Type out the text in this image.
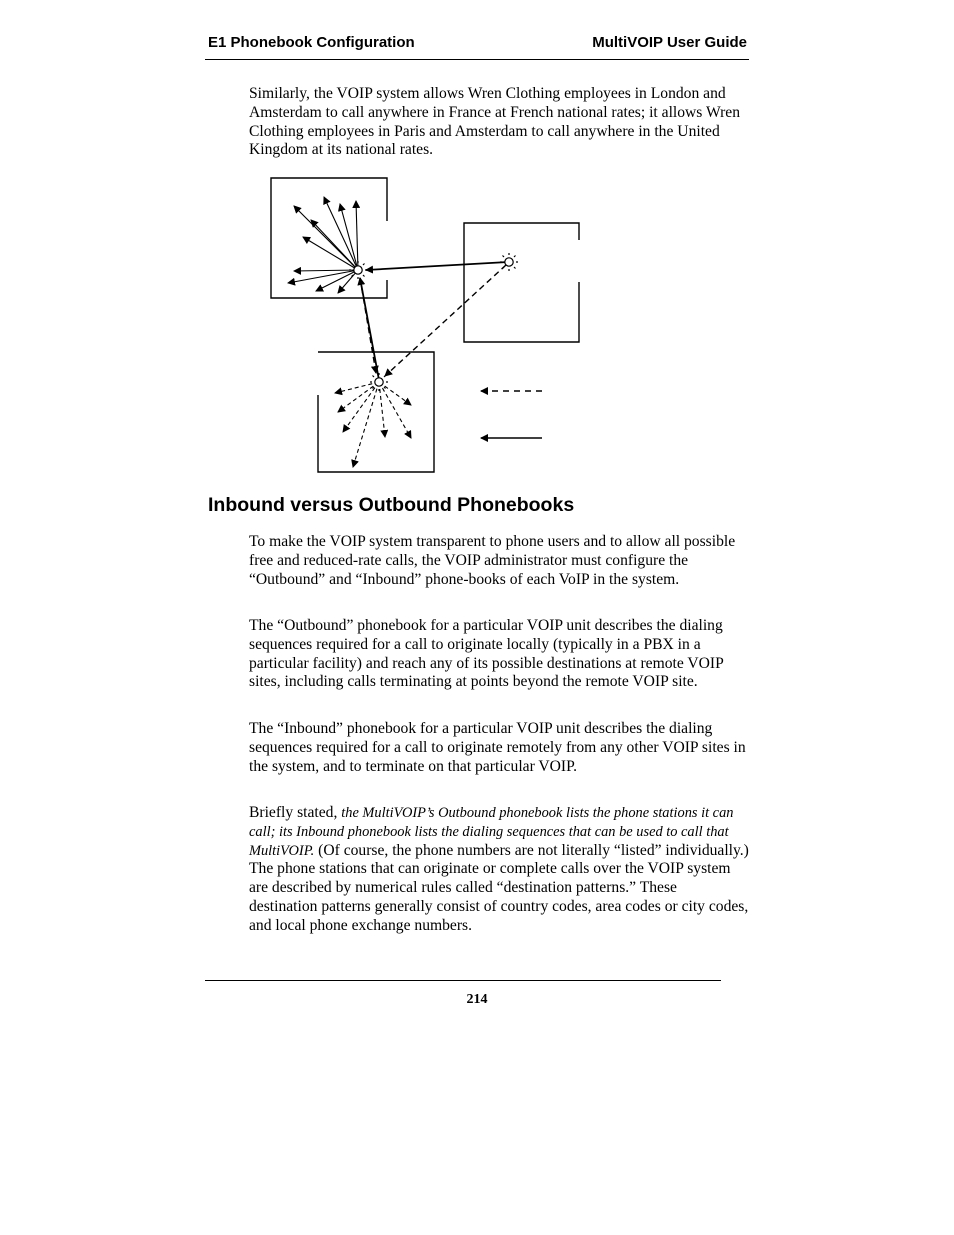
E1 Phonebook Configuration	MultiVOIP User Guide

Similarly, the VOIP system allows Wren Clothing employees in London and Amsterdam to call anywhere in France at French national rates; it allows Wren Clothing employees in Paris and Amsterdam to call anywhere in the United Kingdom at its national rates.

Inbound versus Outbound Phonebooks

To make the VOIP system transparent to phone users and to allow all possible free and reduced-rate calls, the VOIP administrator must configure the “Outbound” and “Inbound” phone-books of each VoIP in the system.

The “Outbound” phonebook for a particular VOIP unit describes the dialing sequences required for a call to originate locally (typically in a PBX in a particular facility) and reach any of its possible destinations at remote VOIP sites, including calls terminating at points beyond the remote VOIP site.

The “Inbound” phonebook for a particular VOIP unit describes the dialing sequences required for a call to originate remotely from any other VOIP sites in the system, and to terminate on that particular VOIP.

Briefly stated, the MultiVOIP’s Outbound phonebook lists the phone stations it can call; its Inbound phonebook lists the dialing sequences that can be used to call that MultiVOIP. (Of course, the phone numbers are not literally “listed” individually.) The phone stations that can originate or complete calls over the VOIP system are described by numerical rules called “destination patterns.” These destination patterns generally consist of country codes, area codes or city codes, and local phone exchange numbers.

214
